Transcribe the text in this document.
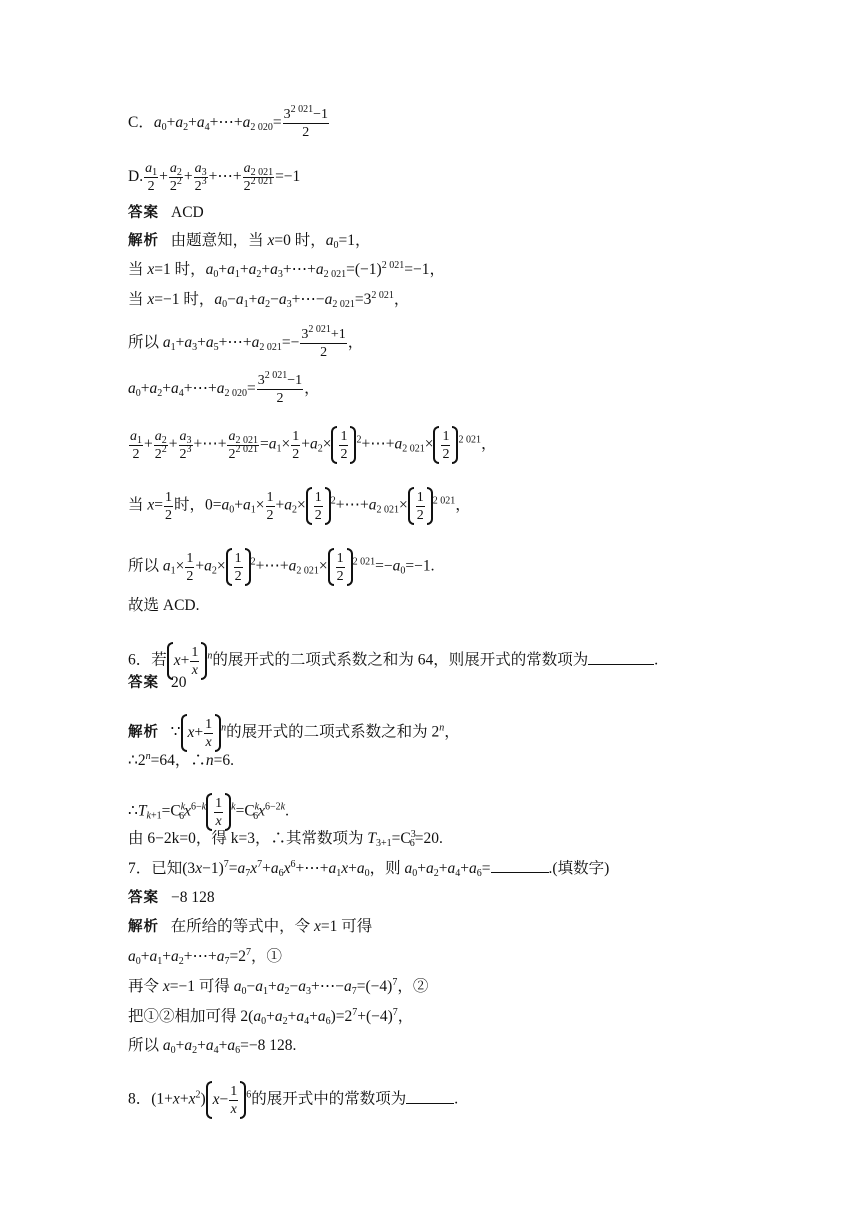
C．$a_0+a_2+a_4+\cdots+a_{2 020}= \frac{3^{2 021}-1}{2}$
D. $\frac{a_1}{2} + \frac{a_2}{2^2} + \frac{a_3}{2^3}$ +⋯+ $\frac{a_{2 021}}{2^{2 021}} =-1$
答案 ACD
解析 由题意知，当 x=0 时，$a_0=1$，
当 x=1 时，$a_0+a_1+a_2+a_3+\cdots+a_{2 021}=(-1)^{2 021}=-1$，
当 x=−1 时，$a_0-a_1+a_2-a_3+\cdots-a_{2 021}=3^{2 021}$，
所以 $a_1+a_3+a_5+\cdots+a_{2 021}=- \frac{3^{2 021}+1}{2}$ ，
$a_0+a_2+a_4+\cdots+a_{2 020}= \frac{3^{2 021}-1}{2}$ ，
$\frac{a_1}{2} + \frac{a_2}{2^2} + \frac{a_3}{2^3}$ +⋯+ $\frac{a_{2 021}}{2^{2 021}} =a_1\times \frac{1}{2} +a_2\times \frac{1}{2}$ $^2+\cdots+a_{2 021}\times \frac{1}{2} ^{2 021}$，
当 $x= \frac{1}{2}$ 时，$0=a_0+a_1\times \frac{1}{2} +a_2\times \frac{1}{2}$ $^2+\cdots+a_{2 021}\times \frac{1}{2} ^{2 021}$，
所以 $a_1\times \frac{1}{2} +a_2\times \frac{1}{2}$ $^2+\cdots+a_{2 021}\times \frac{1}{2} ^{2 021}=-a_0=-1$.
故选 ACD.
6．若 $x + \frac{1}{x} ^n$的展开式的二项式系数之和为 64，则展开式的常数项为	.
答案 20
解析   ∵ $x + \frac{1}{x} ^n$的展开式的二项式系数之和为 2$^n$，
$\therefore 2^n=64$，∴n=6.
$\therefore T_{k+1}=C^k_6x^{6-k} \frac{1}{x} ^k=C^k_6x^{6-2k}$.
由 6−2k=0，得 k=3，∴其常数项为 $T_{3+1}=C^3_6=20$.
7．已知$(3x-1)^7=a_7x^7+a_6x^6+\cdots+a_1x+a_0$，则 $a_0+a_2+a_4+a_6=$	.(填数字)
答案 −8 128
解析 在所给的等式中，令 x=1 可得
$a_0+a_1+a_2+\cdots+a_7=2^7$，①
再令 x=−1 可得 $a_0-a_1+a_2-a_3+\cdots-a_7=(-4)^7$，②
把①②相加可得 $2(a_0+a_2+a_4+a_6)=2^7+(-4)^7$，
所以 $a_0+a_2+a_4+a_6=-8$ 128.
8．$(1+x+x^2) x - \frac{1}{x} ^6$的展开式中的常数项为	.
